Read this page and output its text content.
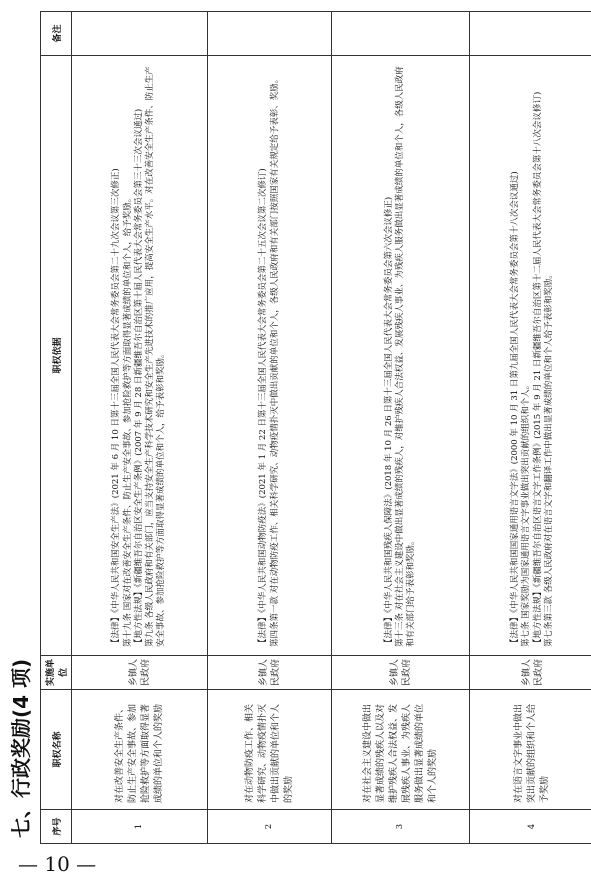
七、行政奖励(4 项)	序号	职权名称	实施单位	职权依据	备注
1	对在改善安全生产条件、防止生产安全事故、参加抢险救护等方面取得显著成绩的单位和个人的奖励	乡镇人民政府	【法律】《中华人民共和国安全生产法》(2021 年 6 月 10 日第十三届全国人民代表大会常务委员会第二十九次会议第三次修正) 第十九条 国家对在改善安全生产条件、防止生产安全事故、参加抢险救护等方面取得显著成绩的单位和个人，给予奖励。 【地方性法规】《新疆维吾尔自治区安全生产条例》(2007 年 9 月 28 日新疆维吾尔自治区第十届人民代表大会常务委员会第三十三次会议通过) 第九条 各级人民政府和有关部门，应当支持安全生产科学技术研究和安全生产先进技术的推广应用，提高安全生产水平。对在改善安全生产条件、防止生产安全事故、参加抢险救护等方面取得显著成绩的单位和个人，给予表彰和奖励。	

2	对在动物防疫工作、相关科学研究、动物疫情扑灭中做出贡献的单位和个人的奖励	乡镇人民政府	【法律】《中华人民共和国动物防疫法》(2021 年 1 月 22 日第十三届全国人民代表大会常务委员会第二十五次会议第二次修订) 第四条第一款 对在动物防疫工作、相关科学研究、动物疫情扑灭中做出贡献的单位和个人，各级人民政府和有关部门按照国家有关规定给予表彰、奖励。	

3	对在社会主义建设中做出显著成绩的残疾人以及对维护残疾人合法权益、发展残疾人事业、为残疾人服务做出显著成绩的单位和个人的奖励	乡镇人民政府	【法律】《中华人民共和国残疾人保障法》(2018 年 10 月 26 日第十三届全国人民代表大会常务委员会第六次会议修正) 第十三条 对在社会主义建设中做出显著成绩的残疾人，对维护残疾人合法权益、发展残疾人事业、为残疾人服务做出显著成绩的单位和个人，各级人民政府和有关部门给予表彰和奖励。	

4	对在语言文字事业中做出突出贡献的组织和个人给予奖励	乡镇人民政府	【法律】《中华人民共和国国家通用语言文字法》(2000 年 10 月 31 日第九届全国人民代表大会常务委员会第十八次会议通过) 第七条 国家奖励为国家通用语言文字事业做出突出贡献的组织和个人。 【地方性法规】《新疆维吾尔自治区语言文字工作条例》(2015 年 9 月 21 日新疆维吾尔自治区第十二届人民代表大会常务委员会第十八次会议修订) 第七条第三款 各级人民政府对在语言文字和翻译工作中做出显著成绩的单位和个人给予表彰和奖励。	

— 10 —
